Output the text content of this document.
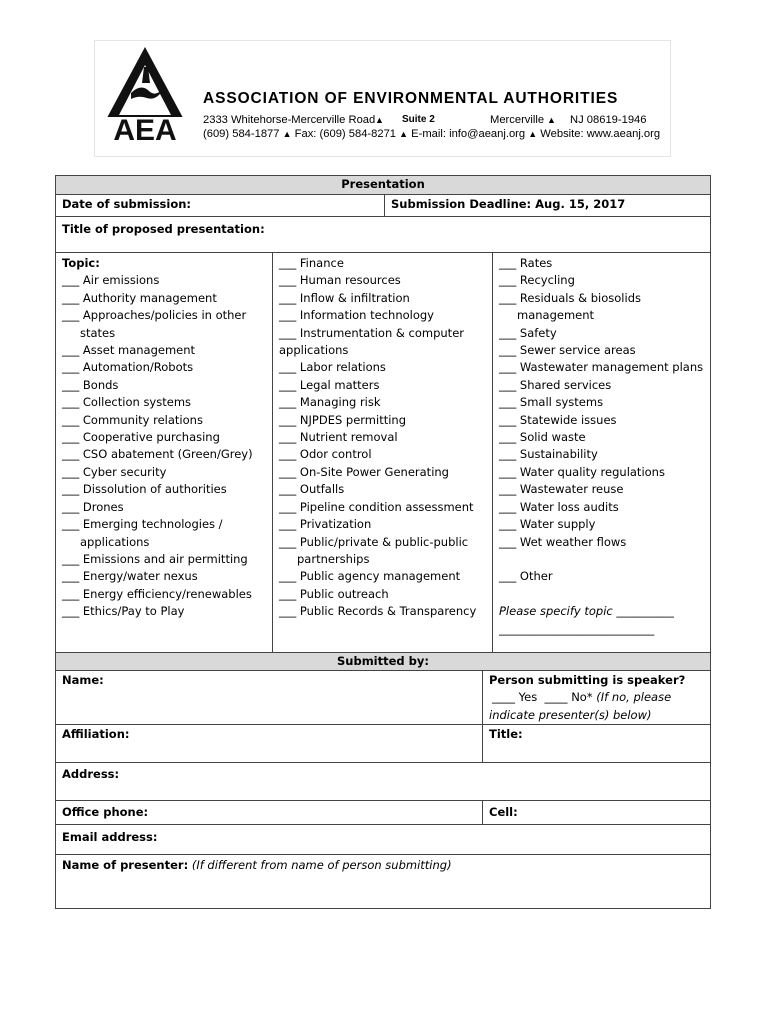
AEA
ASSOCIATION OF ENVIRONMENTAL AUTHORITIES
2333 Whitehorse-Mercerville Road ▲ Suite 2	Mercerville ▲ NJ 08619-1946
(609) 584-1877 ▲ Fax: (609) 584-8271 ▲ E-mail: info@aeanj.org ▲ Website: www.aeanj.org
Presentation
Date of submission:	Submission Deadline: Aug. 15, 2017
Title of proposed presentation:
Topic:
___ Air emissions
___ Authority management
___ Approaches/policies in other
states
___ Asset management
___ Automation/Robots
___ Bonds
___ Collection systems
___ Community relations
___ Cooperative purchasing
___ CSO abatement (Green/Grey)
___ Cyber security
___ Dissolution of authorities
___ Drones
___ Emerging technologies /
applications
___ Emissions and air permitting
___ Energy/water nexus
___ Energy efficiency/renewables
___ Ethics/Pay to Play
___ Finance
___ Human resources
___ Inflow & infiltration
___ Information technology
___ Instrumentation & computer
applications
___ Labor relations
___ Legal matters
___ Managing risk
___ NJPDES permitting
___ Nutrient removal
___ Odor control
___ On-Site Power Generating
___ Outfalls
___ Pipeline condition assessment
___ Privatization
___ Public/private & public-public
partnerships
___ Public agency management
___ Public outreach
___ Public Records & Transparency
___ Rates
___ Recycling
___ Residuals & biosolids
management
___ Safety
___ Sewer service areas
___ Wastewater management plans
___ Shared services
___ Small systems
___ Statewide issues
___ Solid waste
___ Sustainability
___ Water quality regulations
___ Wastewater reuse
___ Water loss audits
___ Water supply
___ Wet weather flows
___ Other
Please specify topic __________
___________________________
Submitted by:
Name:	Person submitting is speaker?
____ Yes ____ No* (If no, please
indicate presenter(s) below)
Affiliation:	Title:
Address:
Office phone:	Cell:
Email address:
Name of presenter: (If different from name of person submitting)
